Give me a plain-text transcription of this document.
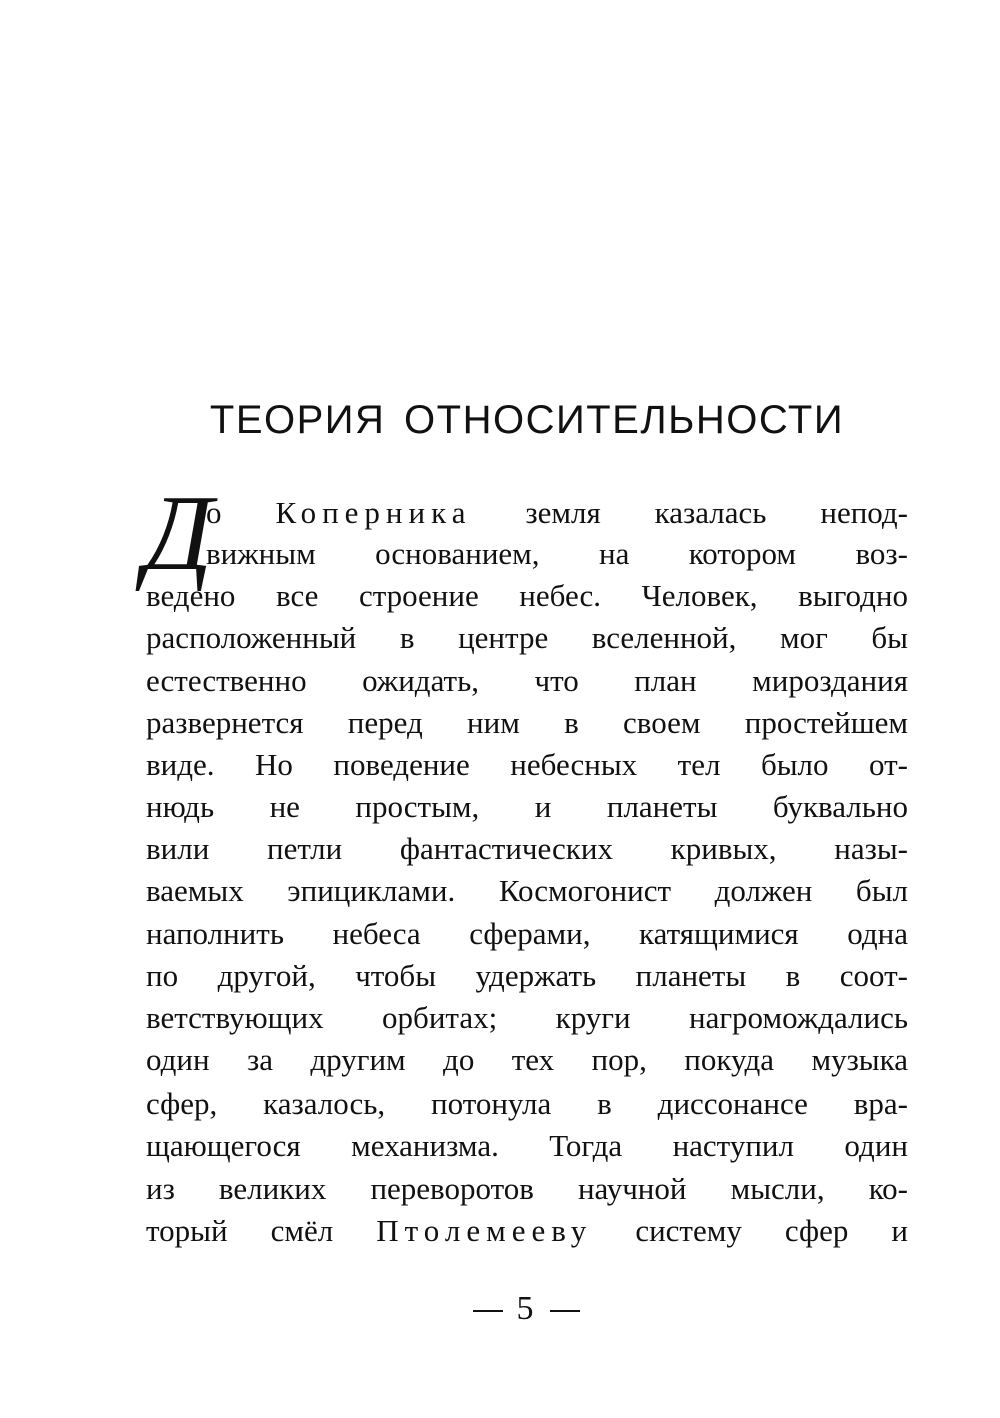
ТЕОРИЯ ОТНОСИТЕЛЬНОСТИ
Д
о Коперника земля казалась непод-
вижным основанием, на котором воз-
ведено все строение небес. Человек, выгодно
расположенный в центре вселенной, мог бы
естественно ожидать, что план мироздания
развернется перед ним в своем простейшем
виде. Но поведение небесных тел было от-
нюдь не простым, и планеты буквально
вили петли фантастических кривых, назы-
ваемых эпициклами. Космогонист должен был
наполнить небеса сферами, катящимися одна
по другой, чтобы удержать планеты в соот-
ветствующих орбитах; круги нагромождались
один за другим до тех пор, покуда музыка
сфер, казалось, потонула в диссонансе вра-
щающегося механизма. Тогда наступил один
из великих переворотов научной мысли, ко-
торый смёл Птолемееву систему сфер и
5
